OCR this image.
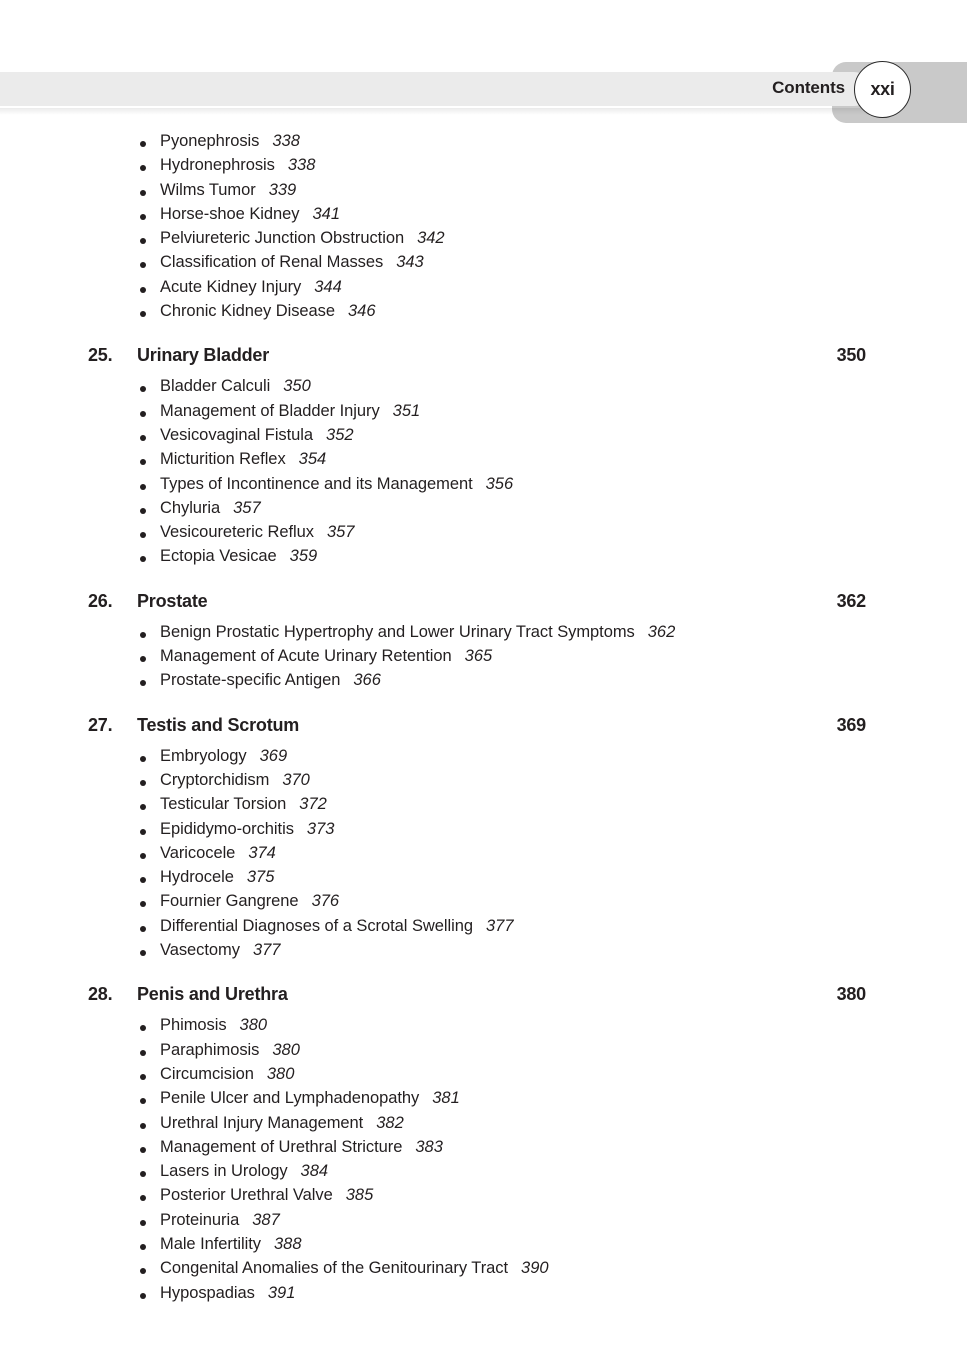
Contents	xxi
Pyonephrosis 338
Hydronephrosis 338
Wilms Tumor 339
Horse-shoe Kidney 341
Pelviureteric Junction Obstruction 342
Classification of Renal Masses 343
Acute Kidney Injury 344
Chronic Kidney Disease 346
25.	Urinary Bladder	350
Bladder Calculi 350
Management of Bladder Injury 351
Vesicovaginal Fistula 352
Micturition Reflex 354
Types of Incontinence and its Management 356
Chyluria 357
Vesicoureteric Reflux 357
Ectopia Vesicae 359
26.	Prostate	362
Benign Prostatic Hypertrophy and Lower Urinary Tract Symptoms 362
Management of Acute Urinary Retention 365
Prostate-specific Antigen 366
27.	Testis and Scrotum	369
Embryology 369
Cryptorchidism 370
Testicular Torsion 372
Epididymo-orchitis 373
Varicocele 374
Hydrocele 375
Fournier Gangrene 376
Differential Diagnoses of a Scrotal Swelling 377
Vasectomy 377
28.	Penis and Urethra	380
Phimosis 380
Paraphimosis 380
Circumcision 380
Penile Ulcer and Lymphadenopathy 381
Urethral Injury Management 382
Management of Urethral Stricture 383
Lasers in Urology 384
Posterior Urethral Valve 385
Proteinuria 387
Male Infertility 388
Congenital Anomalies of the Genitourinary Tract 390
Hypospadias 391
